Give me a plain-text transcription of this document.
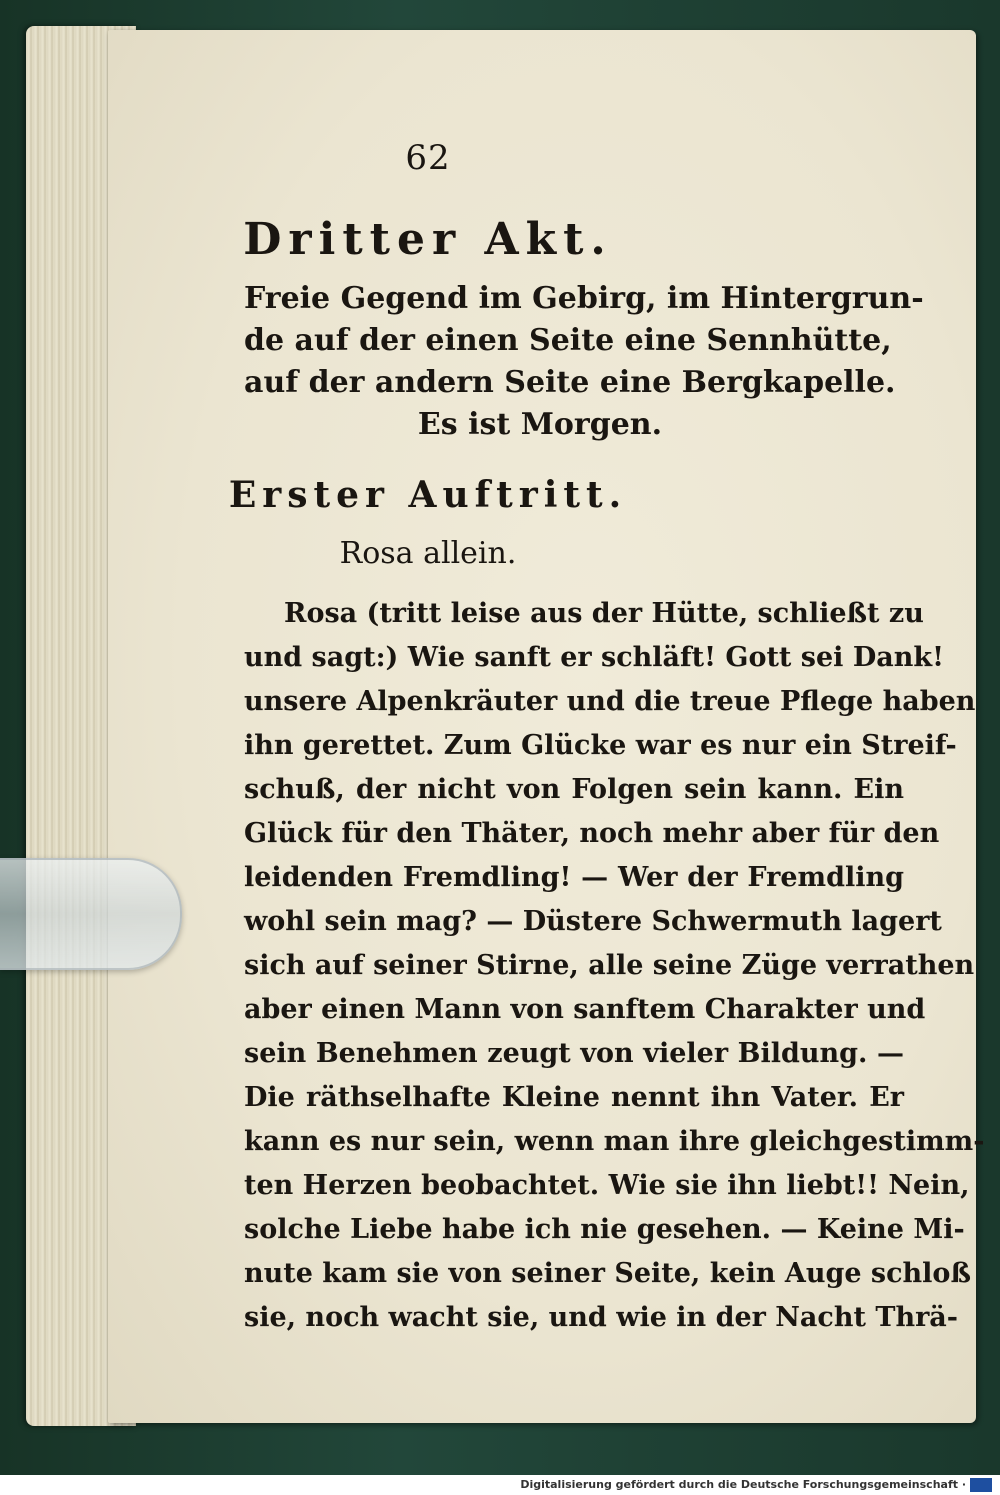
62
Dritter Akt.
Freie Gegend im Gebirg, im Hintergrun-
de auf der einen Seite eine Sennhütte,
auf der andern Seite eine Bergkapelle.
Es ist Morgen.
Erster Auftritt.
Rosa allein.
Rosa (tritt leise aus der Hütte, schließt zu
und sagt:) Wie sanft er schläft! Gott sei Dank!
unsere Alpenkräuter und die treue Pflege haben
ihn gerettet. Zum Glücke war es nur ein Streif-
schuß, der nicht von Folgen sein kann. Ein
Glück für den Thäter, noch mehr aber für den
leidenden Fremdling! — Wer der Fremdling
wohl sein mag? — Düstere Schwermuth lagert
sich auf seiner Stirne, alle seine Züge verrathen
aber einen Mann von sanftem Charakter und
sein Benehmen zeugt von vieler Bildung. —
Die räthselhafte Kleine nennt ihn Vater. Er
kann es nur sein, wenn man ihre gleichgestimm-
ten Herzen beobachtet. Wie sie ihn liebt!! Nein,
solche Liebe habe ich nie gesehen. — Keine Mi-
nute kam sie von seiner Seite, kein Auge schloß
sie, noch wacht sie, und wie in der Nacht Thrä-
Digitalisierung gefördert durch die Deutsche Forschungsgemeinschaft ·
